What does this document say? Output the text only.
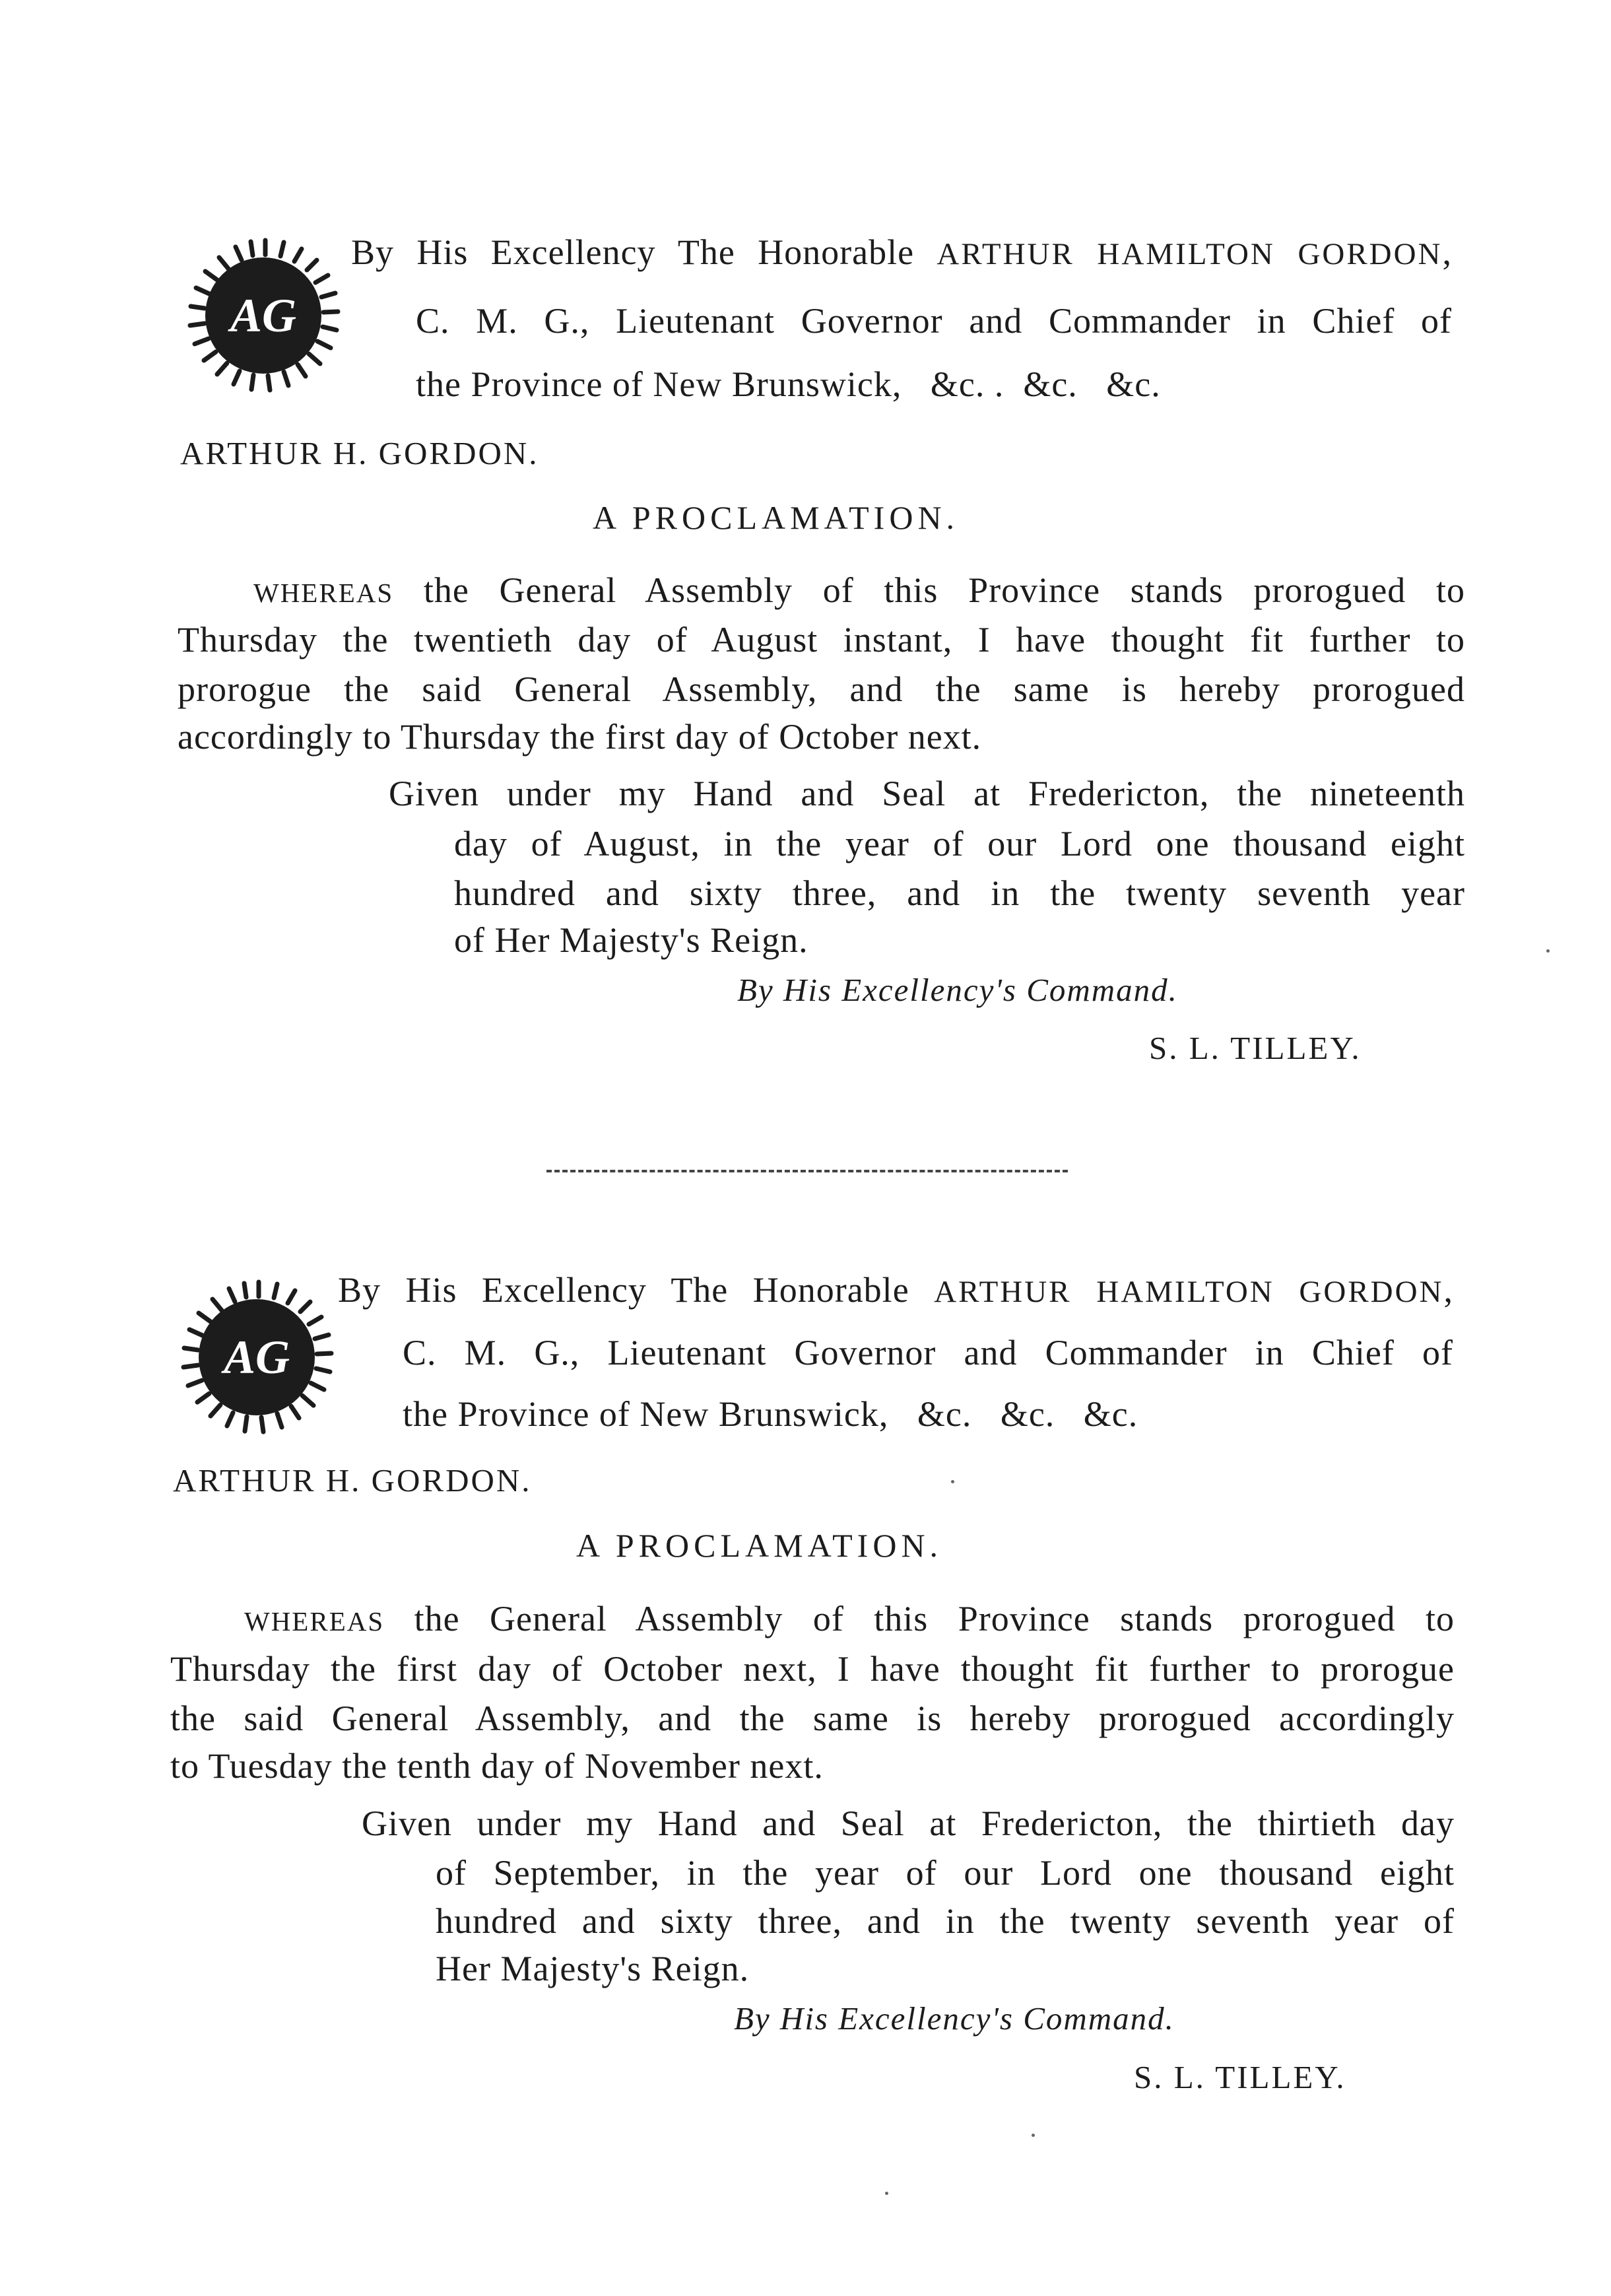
AG
By His Excellency The Honorable ARTHUR HAMILTON GORDON,
C. M. G., Lieutenant Governor and Commander in Chief of
the Province of New Brunswick,   &c. .  &c.   &c.
ARTHUR H. GORDON.
A PROCLAMATION.
WHEREAS the General Assembly of this Province stands prorogued to
Thursday the twentieth day of August instant, I have thought fit further to
prorogue the said General Assembly, and the same is hereby prorogued
accordingly to Thursday the first day of October next.
Given under my Hand and Seal at Fredericton, the nineteenth
day of August, in the year of our Lord one thousand eight
hundred and sixty three, and in the twenty seventh year
of Her Majesty's Reign.
By His Excellency's Command.
S. L. TILLEY.
AG
By His Excellency The Honorable ARTHUR HAMILTON GORDON,
C. M. G., Lieutenant Governor and Commander in Chief of
the Province of New Brunswick,   &c.   &c.   &c.
ARTHUR H. GORDON.
A PROCLAMATION.
WHEREAS the General Assembly of this Province stands prorogued to
Thursday the first day of October next, I have thought fit further to prorogue
the said General Assembly, and the same is hereby prorogued accordingly
to Tuesday the tenth day of November next.
Given under my Hand and Seal at Fredericton, the thirtieth day
of September, in the year of our Lord one thousand eight
hundred and sixty three, and in the twenty seventh year of
Her Majesty's Reign.
By His Excellency's Command.
S. L. TILLEY.
